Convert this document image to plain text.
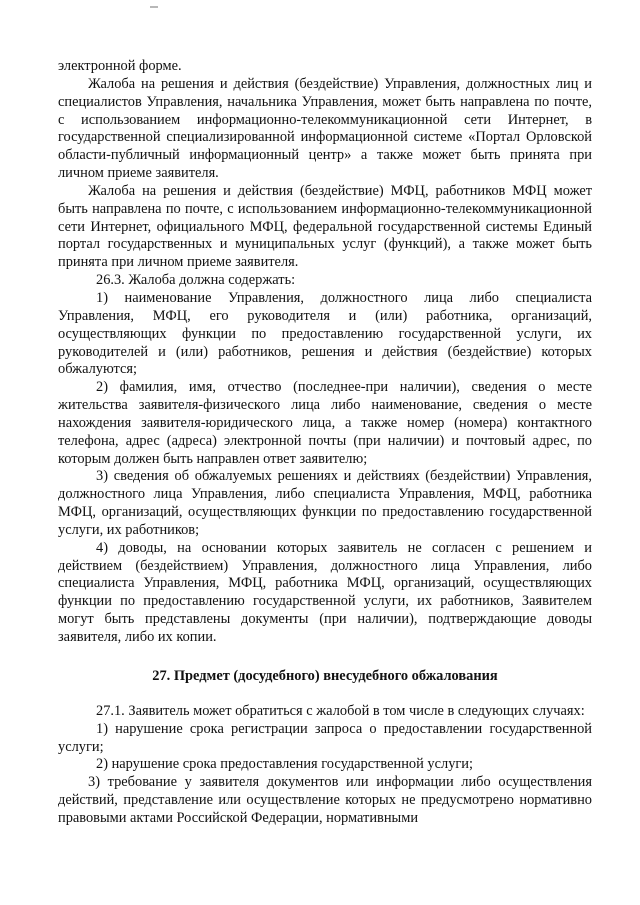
электронной форме.

Жалоба на решения и действия (бездействие) Управления, должностных лиц и специалистов Управления, начальника Управления, может быть направлена по почте, с использованием информационно-телекоммуникационной сети Интернет, в государственной специализированной информационной системе «Портал Орловской области-публичный информационный центр» а также может быть принята при личном приеме заявителя.

Жалоба на решения и действия (бездействие) МФЦ, работников МФЦ может быть направлена по почте, с использованием информационно-телекоммуникационной сети Интернет, официального МФЦ, федеральной государственной системы Единый портал государственных и муниципальных услуг (функций), а также может быть принята при личном приеме заявителя.

26.3. Жалоба должна содержать:

1) наименование Управления, должностного лица либо специалиста Управления, МФЦ, его руководителя и (или) работника, организаций, осуществляющих функции по предоставлению государственной услуги, их руководителей и (или) работников, решения и действия (бездействие) которых обжалуются;

2) фамилия, имя, отчество (последнее-при наличии), сведения о месте жительства заявителя-физического лица либо наименование, сведения о месте нахождения заявителя-юридического лица, а также номер (номера) контактного телефона, адрес (адреса) электронной почты (при наличии) и почтовый адрес, по которым должен быть направлен ответ заявителю;

3) сведения об обжалуемых решениях и действиях (бездействии) Управления, должностного лица Управления, либо специалиста Управления, МФЦ, работника МФЦ, организаций, осуществляющих функции по предоставлению государственной услуги, их работников;

4) доводы, на основании которых заявитель не согласен с решением и действием (бездействием) Управления, должностного лица Управления, либо специалиста Управления, МФЦ, работника МФЦ, организаций, осуществляющих функции по предоставлению государственной услуги, их работников, Заявителем могут быть представлены документы (при наличии), подтверждающие доводы заявителя, либо их копии.

27. Предмет (досудебного) внесудебного обжалования

27.1. Заявитель может обратиться с жалобой в том числе в следующих случаях:

1) нарушение срока регистрации запроса о предоставлении государственной услуги;

2) нарушение срока предоставления государственной услуги;

3) требование у заявителя документов или информации либо осуществления действий, представление или осуществление которых не предусмотрено нормативно правовыми актами Российской Федерации, нормативными
